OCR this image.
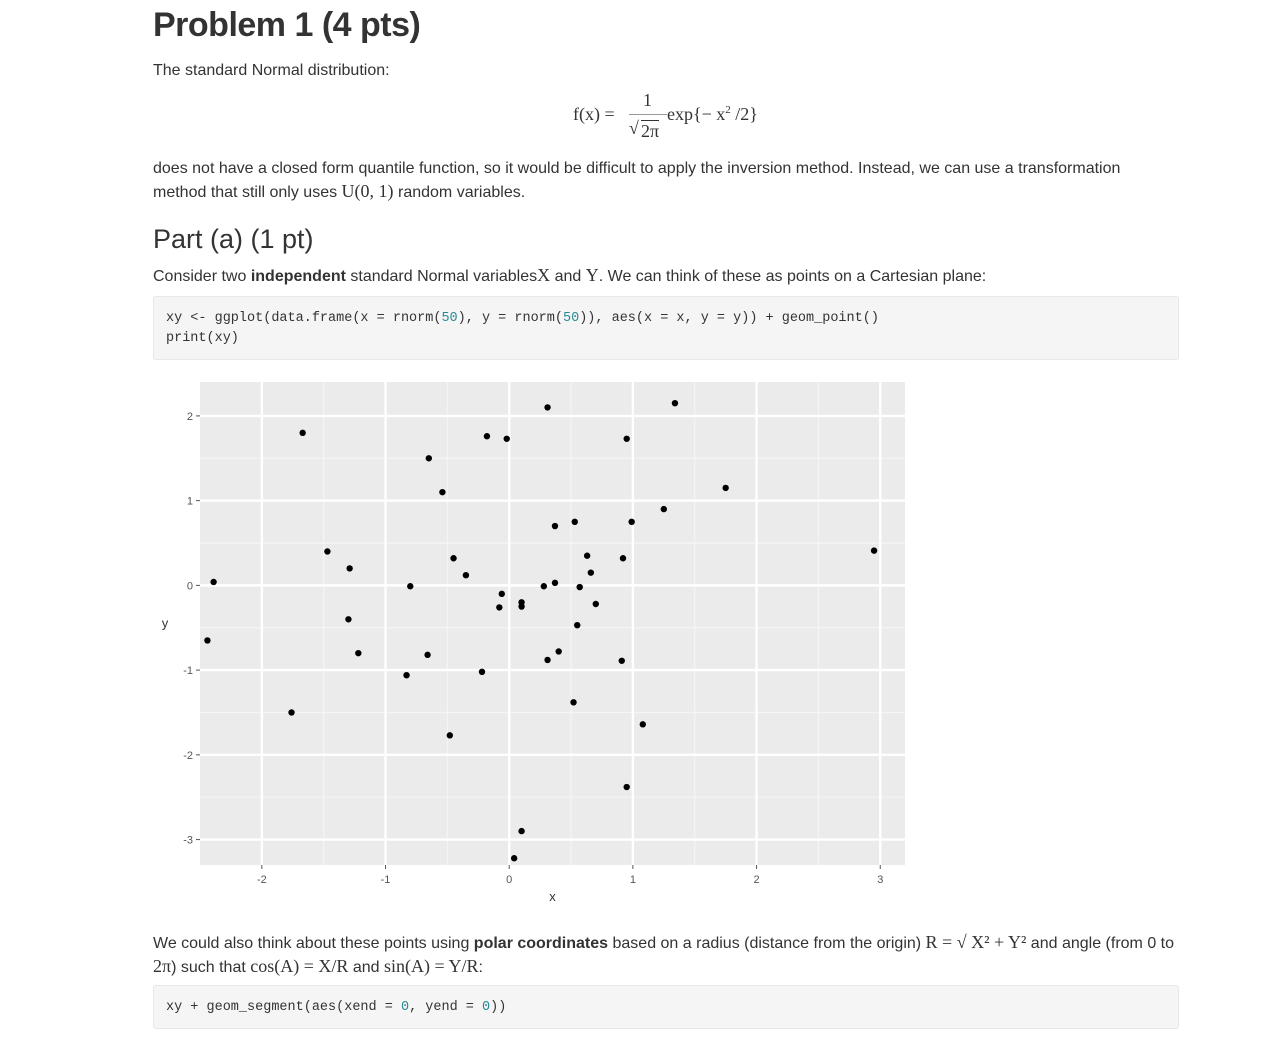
Problem 1 (4 pts)

The standard Normal distribution:

f(x) =
1
√ 2π
$\exp\{- x^2$ /2}

does not have a closed form quantile function, so it would be difficult to apply the inversion method. Instead, we can use a transformation method that still only uses U(0, 1) random variables.

Part (a) (1 pt)

Consider two independent standard Normal variablesX and Y. We can think of these as points on a Cartesian plane:

xy <- ggplot(data.frame(x = rnorm(50), y = rnorm(50)), aes(x = x, y = y)) + geom_point()
print(xy)

We could also think about these points using polar coordinates based on a radius (distance from the origin) R = √ X² + Y² and angle (from 0 to 2π) such that cos(A) = X/R and sin(A) = Y/R:

xy + geom_segment(aes(xend = 0, yend = 0))
-2	-1	0	1	2	3
-3
-2
-1
0
1
2
x
y
